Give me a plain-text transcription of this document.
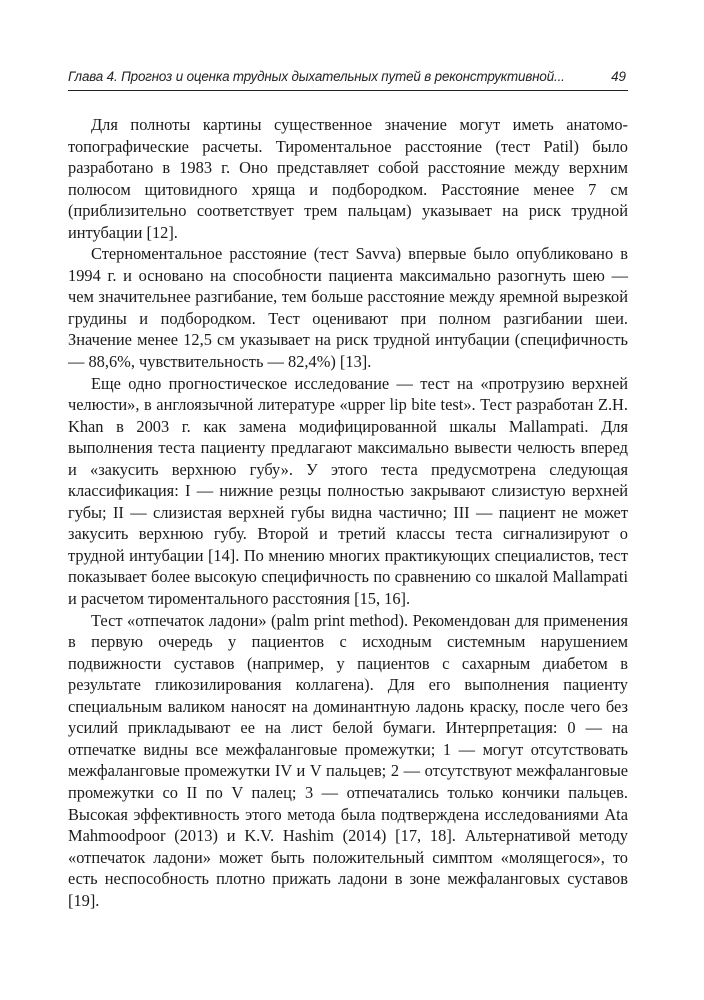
Глава 4. Прогноз и оценка трудных дыхательных путей в реконструктивной...	49

Для полноты картины существенное значение могут иметь анатомо-топографические расчеты. Тироментальное расстояние (тест Patil) было разработано в 1983 г. Оно представляет собой расстояние между верхним полюсом щитовидного хряща и подбородком. Расстояние менее 7 см (приблизительно соответствует трем пальцам) указывает на риск трудной интубации [12].

Стерноментальное расстояние (тест Savva) впервые было опубликовано в 1994 г. и основано на способности пациента максимально разогнуть шею — чем значительнее разгибание, тем больше расстояние между яремной вырезкой грудины и подбородком. Тест оценивают при полном разгибании шеи. Значение менее 12,5 см указывает на риск трудной интубации (специфичность — 88,6%, чувствительность — 82,4%) [13].

Еще одно прогностическое исследование — тест на «протрузию верхней челюсти», в англоязычной литературе «upper lip bite test». Тест разработан Z.H. Khan в 2003 г. как замена модифицированной шкалы Mallampati. Для выполнения теста пациенту предлагают максимально вывести челюсть вперед и «закусить верхнюю губу». У этого теста предусмотрена следующая классификация: I — нижние резцы полностью закрывают слизистую верхней губы; II — слизистая верхней губы видна частично; III — пациент не может закусить верхнюю губу. Второй и третий классы теста сигнализируют о трудной интубации [14]. По мнению многих практикующих специалистов, тест показывает более высокую специфичность по сравнению со шкалой Mallampati и расчетом тироментального расстояния [15, 16].

Тест «отпечаток ладони» (palm print method). Рекомендован для применения в первую очередь у пациентов с исходным системным нарушением подвижности суставов (например, у пациентов с сахарным диабетом в результате гликозилирования коллагена). Для его выполнения пациенту специальным валиком наносят на доминантную ладонь краску, после чего без усилий прикладывают ее на лист белой бумаги. Интерпретация: 0 — на отпечатке видны все межфаланговые промежутки; 1 — могут отсутствовать межфаланговые промежутки IV и V пальцев; 2 — отсутствуют межфаланговые промежутки со II по V палец; 3 — отпечатались только кончики пальцев. Высокая эффективность этого метода была подтверждена исследованиями Ata Mahmoodpoor (2013) и K.V. Hashim (2014) [17, 18]. Альтернативой методу «отпечаток ладони» может быть положительный симптом «молящегося», то есть неспособность плотно прижать ладони в зоне межфаланговых суставов [19].
